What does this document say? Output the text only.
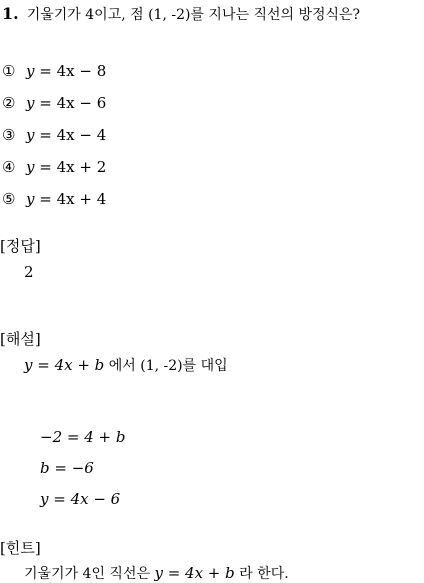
1. 기울기가 4이고, 점 (1, -2)를 지나는 직선의 방정식은?
① y = 4x − 8
② y = 4x − 6
③ y = 4x − 4
④ y = 4x + 2
⑤ y = 4x + 4
[정답]
2
[해설]
y = 4x + b 에서 (1, -2)를 대입
−2 = 4 + b
b = −6
y = 4x − 6
[힌트]
기울기가 4인 직선은 y = 4x + b 라 한다.
